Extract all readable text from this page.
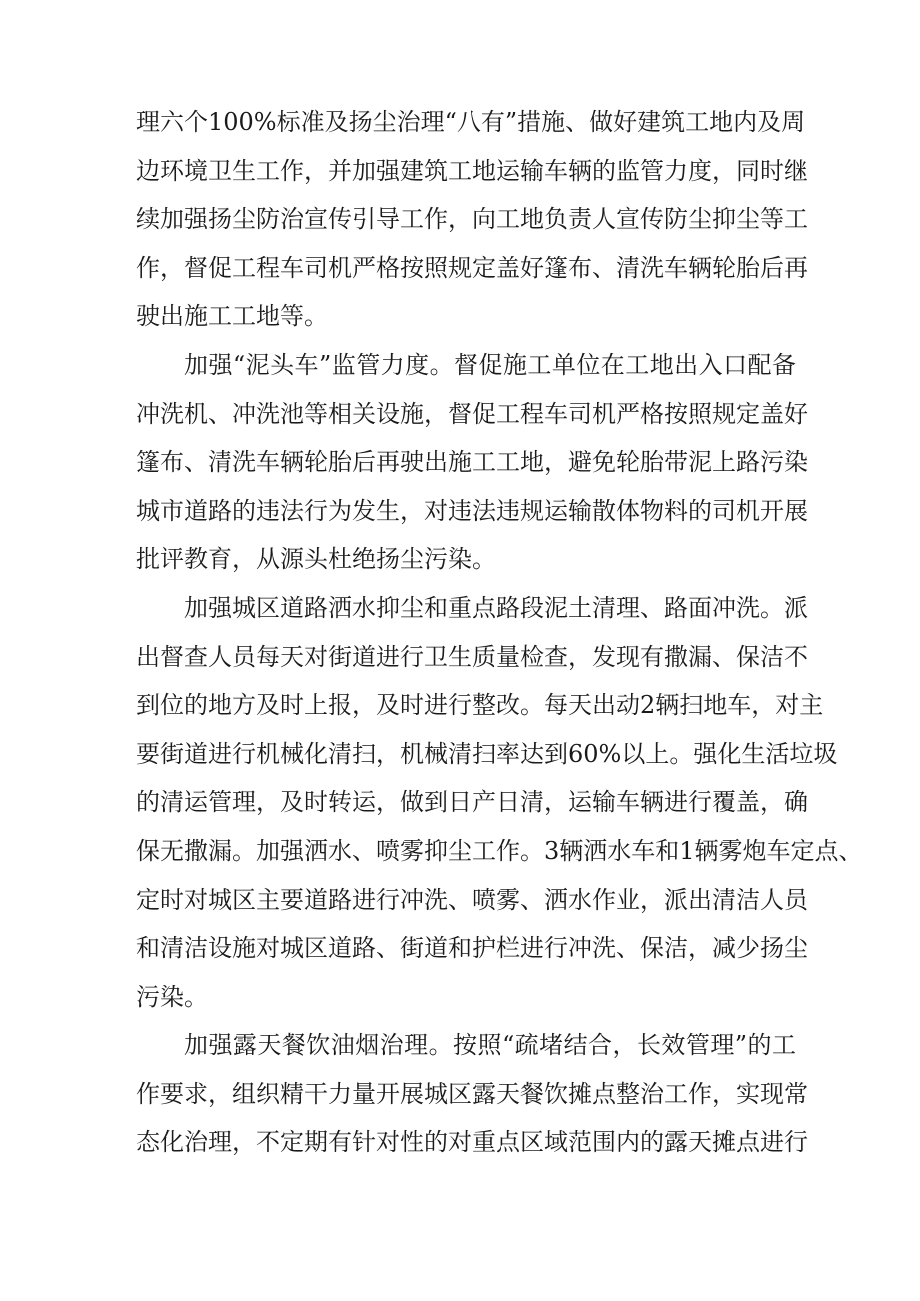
理六个100%标准及扬尘治理“八有”措施、做好建筑工地内及周
边环境卫生工作，并加强建筑工地运输车辆的监管力度，同时继
续加强扬尘防治宣传引导工作，向工地负责人宣传防尘抑尘等工
作，督促工程车司机严格按照规定盖好篷布、清洗车辆轮胎后再
驶出施工工地等。
加强“泥头车”监管力度。督促施工单位在工地出入口配备
冲洗机、冲洗池等相关设施，督促工程车司机严格按照规定盖好
篷布、清洗车辆轮胎后再驶出施工工地，避免轮胎带泥上路污染
城市道路的违法行为发生，对违法违规运输散体物料的司机开展
批评教育，从源头杜绝扬尘污染。
加强城区道路洒水抑尘和重点路段泥土清理、路面冲洗。派
出督查人员每天对街道进行卫生质量检查，发现有撒漏、保洁不
到位的地方及时上报，及时进行整改。每天出动2辆扫地车，对主
要街道进行机械化清扫，机械清扫率达到60%以上。强化生活垃圾
的清运管理，及时转运，做到日产日清，运输车辆进行覆盖，确
保无撒漏。加强洒水、喷雾抑尘工作。3辆洒水车和1辆雾炮车定点、
定时对城区主要道路进行冲洗、喷雾、洒水作业，派出清洁人员
和清洁设施对城区道路、街道和护栏进行冲洗、保洁，减少扬尘
污染。
加强露天餐饮油烟治理。按照“疏堵结合，长效管理”的工
作要求，组织精干力量开展城区露天餐饮摊点整治工作，实现常
态化治理，不定期有针对性的对重点区域范围内的露天摊点进行
